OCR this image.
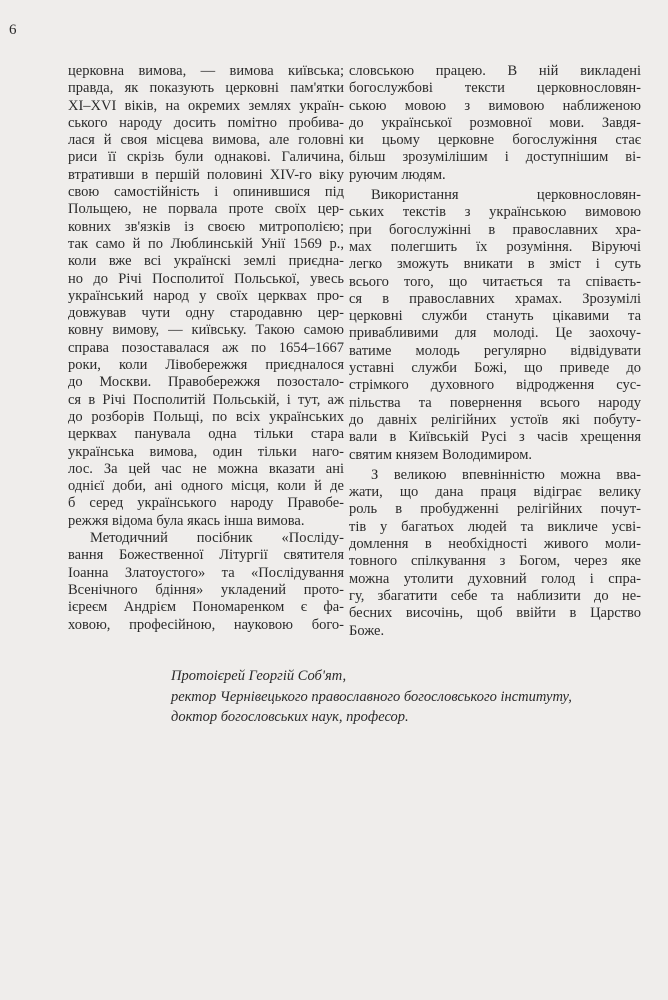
6
церковна вимова, — вимова київська;
правда, як показують церковні пам'ятки
XI–XVI віків, на окремих землях україн-
ського народу досить помітно пробива-
лася й своя місцева вимова, але головні
риси її скрізь були однакові. Галичина,
втративши в першій половині XIV-го віку
свою самостійність і опинившися під
Польщею, не порвала проте своїх цер-
ковних зв'язків із своєю митрополією;
так само й по Люблинській Унії 1569 р.,
коли вже всі українскі землі приєдна-
но до Річі Посполитої Польської, увесь
український народ у своїх церквах про-
довжував чути одну стародавню цер-
ковну вимову, — київську. Такою самою
справа позоставалася аж по 1654–1667
роки, коли Лівобережжя приєдналося
до Москви. Правобережжя позостало-
ся в Річі Посполитій Польській, і тут, аж
до розборів Польщі, по всіх українських
церквах панувала одна тільки стара
українська вимова, один тільки наго-
лос. За цей час не можна вказати ані
однієї доби, ані одного місця, коли й де
б серед українського народу Правобе-
режжя відома була якась інша вимова.
Методичний посібник «Послідy-
вання Божественної Літургії святителя
Іоанна Златоустого» та «Послідування
Всенічного бдіння» укладений прото-
ієреєм Андрієм Пономаренком є фа-
ховою, професійною, науковою бого-
словською працею. В ній викладені
богослужбові тексти церковнословян-
ською мовою з вимовою наближеною
до української розмовної мови. Завдя-
ки цьому церковне богослужіння стає
більш зрозумілішим і доступнішим ві-
руючим людям.
Використання церковнословян-
ських текстів з українською вимовою
при богослужінні в православних хра-
мах полегшить їх розуміння. Віруючі
легко зможуть вникати в зміст і суть
всього того, що читається та співаєть-
ся в православних храмах. Зрозумілі
церковні служби стануть цікавими та
привабливими для молоді. Це заохочу-
ватиме молодь регулярно відвідувати
уставні служби Божі, що приведе до
стрімкого духовного відродження сус-
пільства та повернення всього народу
до давніх релігійних устоїв які побуту-
вали в Київській Русі з часів хрещення
святим князем Володимиром.
З великою впевнінністю можна вва-
жати, що дана праця відіграє велику
роль в пробудженні релігійних почут-
тів у багатьох людей та викличе усві-
домлення в необхідності живого моли-
товного спілкування з Богом, через яке
можна утолити духовний голод і спра-
гу, збагатити себе та наблизити до не-
бесних височінь, щоб ввійти в Царство
Боже.
Протоієрей Георгій Соб'ят,
ректор Чернівецького православного богословського інституту,
доктор богословських наук, професор.
